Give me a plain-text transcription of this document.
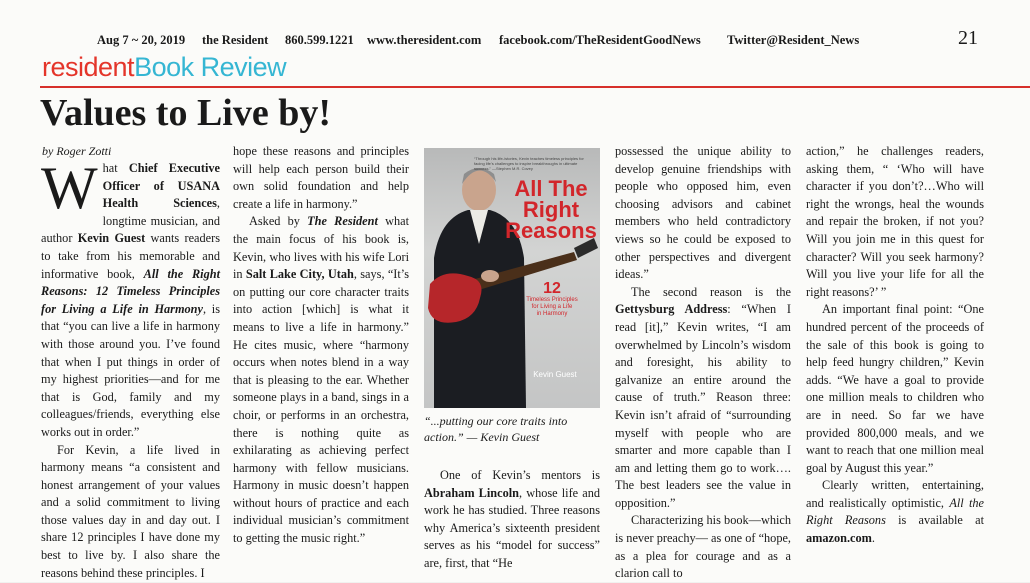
Aug 7 ~ 20, 2019 the Resident 860.599.1221 www.theresident.com facebook.com/TheResidentGoodNews Twitter@Resident_News	21
residentBook Review
Values to Live by!
by Roger Zotti

What Chief Executive Officer of USANA Health Sciences, longtime musician, and author Kevin Guest wants readers to take from his memorable and informative book, All the Right Reasons: 12 Timeless Principles for Living a Life in Harmony, is that “you can live a life in harmony with those around you. I’ve found that when I put things in order of my highest priorities—and for me that is God, family and my colleagues/friends, everything else works out in order.”

For Kevin, a life lived in harmony means “a consistent and honest arrangement of your values and a solid commitment to living those values day in and day out. I share 12 principles I have done my best to live by. I also share the reasons behind these principles. I

hope these reasons and principles will help each person build their own solid foundation and help create a life in harmony.”

Asked by The Resident what the main focus of his book is, Kevin, who lives with his wife Lori in Salt Lake City, Utah, says, “It’s on putting our core character traits into action [which] is what it means to live a life in harmony.” He cites music, where “harmony occurs when notes blend in a way that is pleasing to the ear. Whether someone plays in a band, sings in a choir, or performs in an orchestra, there is nothing quite as exhilarating as achieving perfect harmony with fellow musicians. Harmony in music doesn’t happen without hours of practice and each individual musician’s commitment to getting the music right.”

“Through his life-/stories, Kevin teaches timeless principles for facing life’s challenges to inspire breakthroughs in ultimate success.” —Stephen M.R. Covey
All The
Right
Reasons
12
Timeless Principles
for Living a Life
in Harmony
Kevin Guest
“...putting our core traits into action.” — Kevin Guest

One of Kevin’s mentors is Abraham Lincoln, whose life and work he has studied. Three reasons why America’s sixteenth president serves as his “model for success” are, first, that “He

possessed the unique ability to develop genuine friendships with people who opposed him, even choosing advisors and cabinet members who held contradictory views so he could be exposed to other perspectives and divergent ideas.”

The second reason is the Gettysburg Address: “When I read [it],” Kevin writes, “I am overwhelmed by Lincoln’s wisdom and foresight, his ability to galvanize an entire around the cause of truth.” Reason three: Kevin isn’t afraid of “surrounding myself with people who are smarter and more capable than I am and letting them go to work…. The best leaders see the value in opposition.”

Characterizing his book—which is never preachy— as one of “hope, as a plea for courage and as a clarion call to

action,” he challenges readers, asking them, “ ‘Who will have character if you don’t?…Who will right the wrongs, heal the wounds and repair the broken, if not you? Will you join me in this quest for character? Will you seek harmony? Will you live your life for all the right reasons?’ ”

An important final point: “One hundred percent of the proceeds of the sale of this book is going to help feed hungry children,” Kevin adds. “We have a goal to provide one million meals to children who are in need. So far we have provided 800,000 meals, and we want to reach that one million meal goal by August this year.”

Clearly written, entertaining, and realistically optimistic, All the Right Reasons is available at amazon.com.
